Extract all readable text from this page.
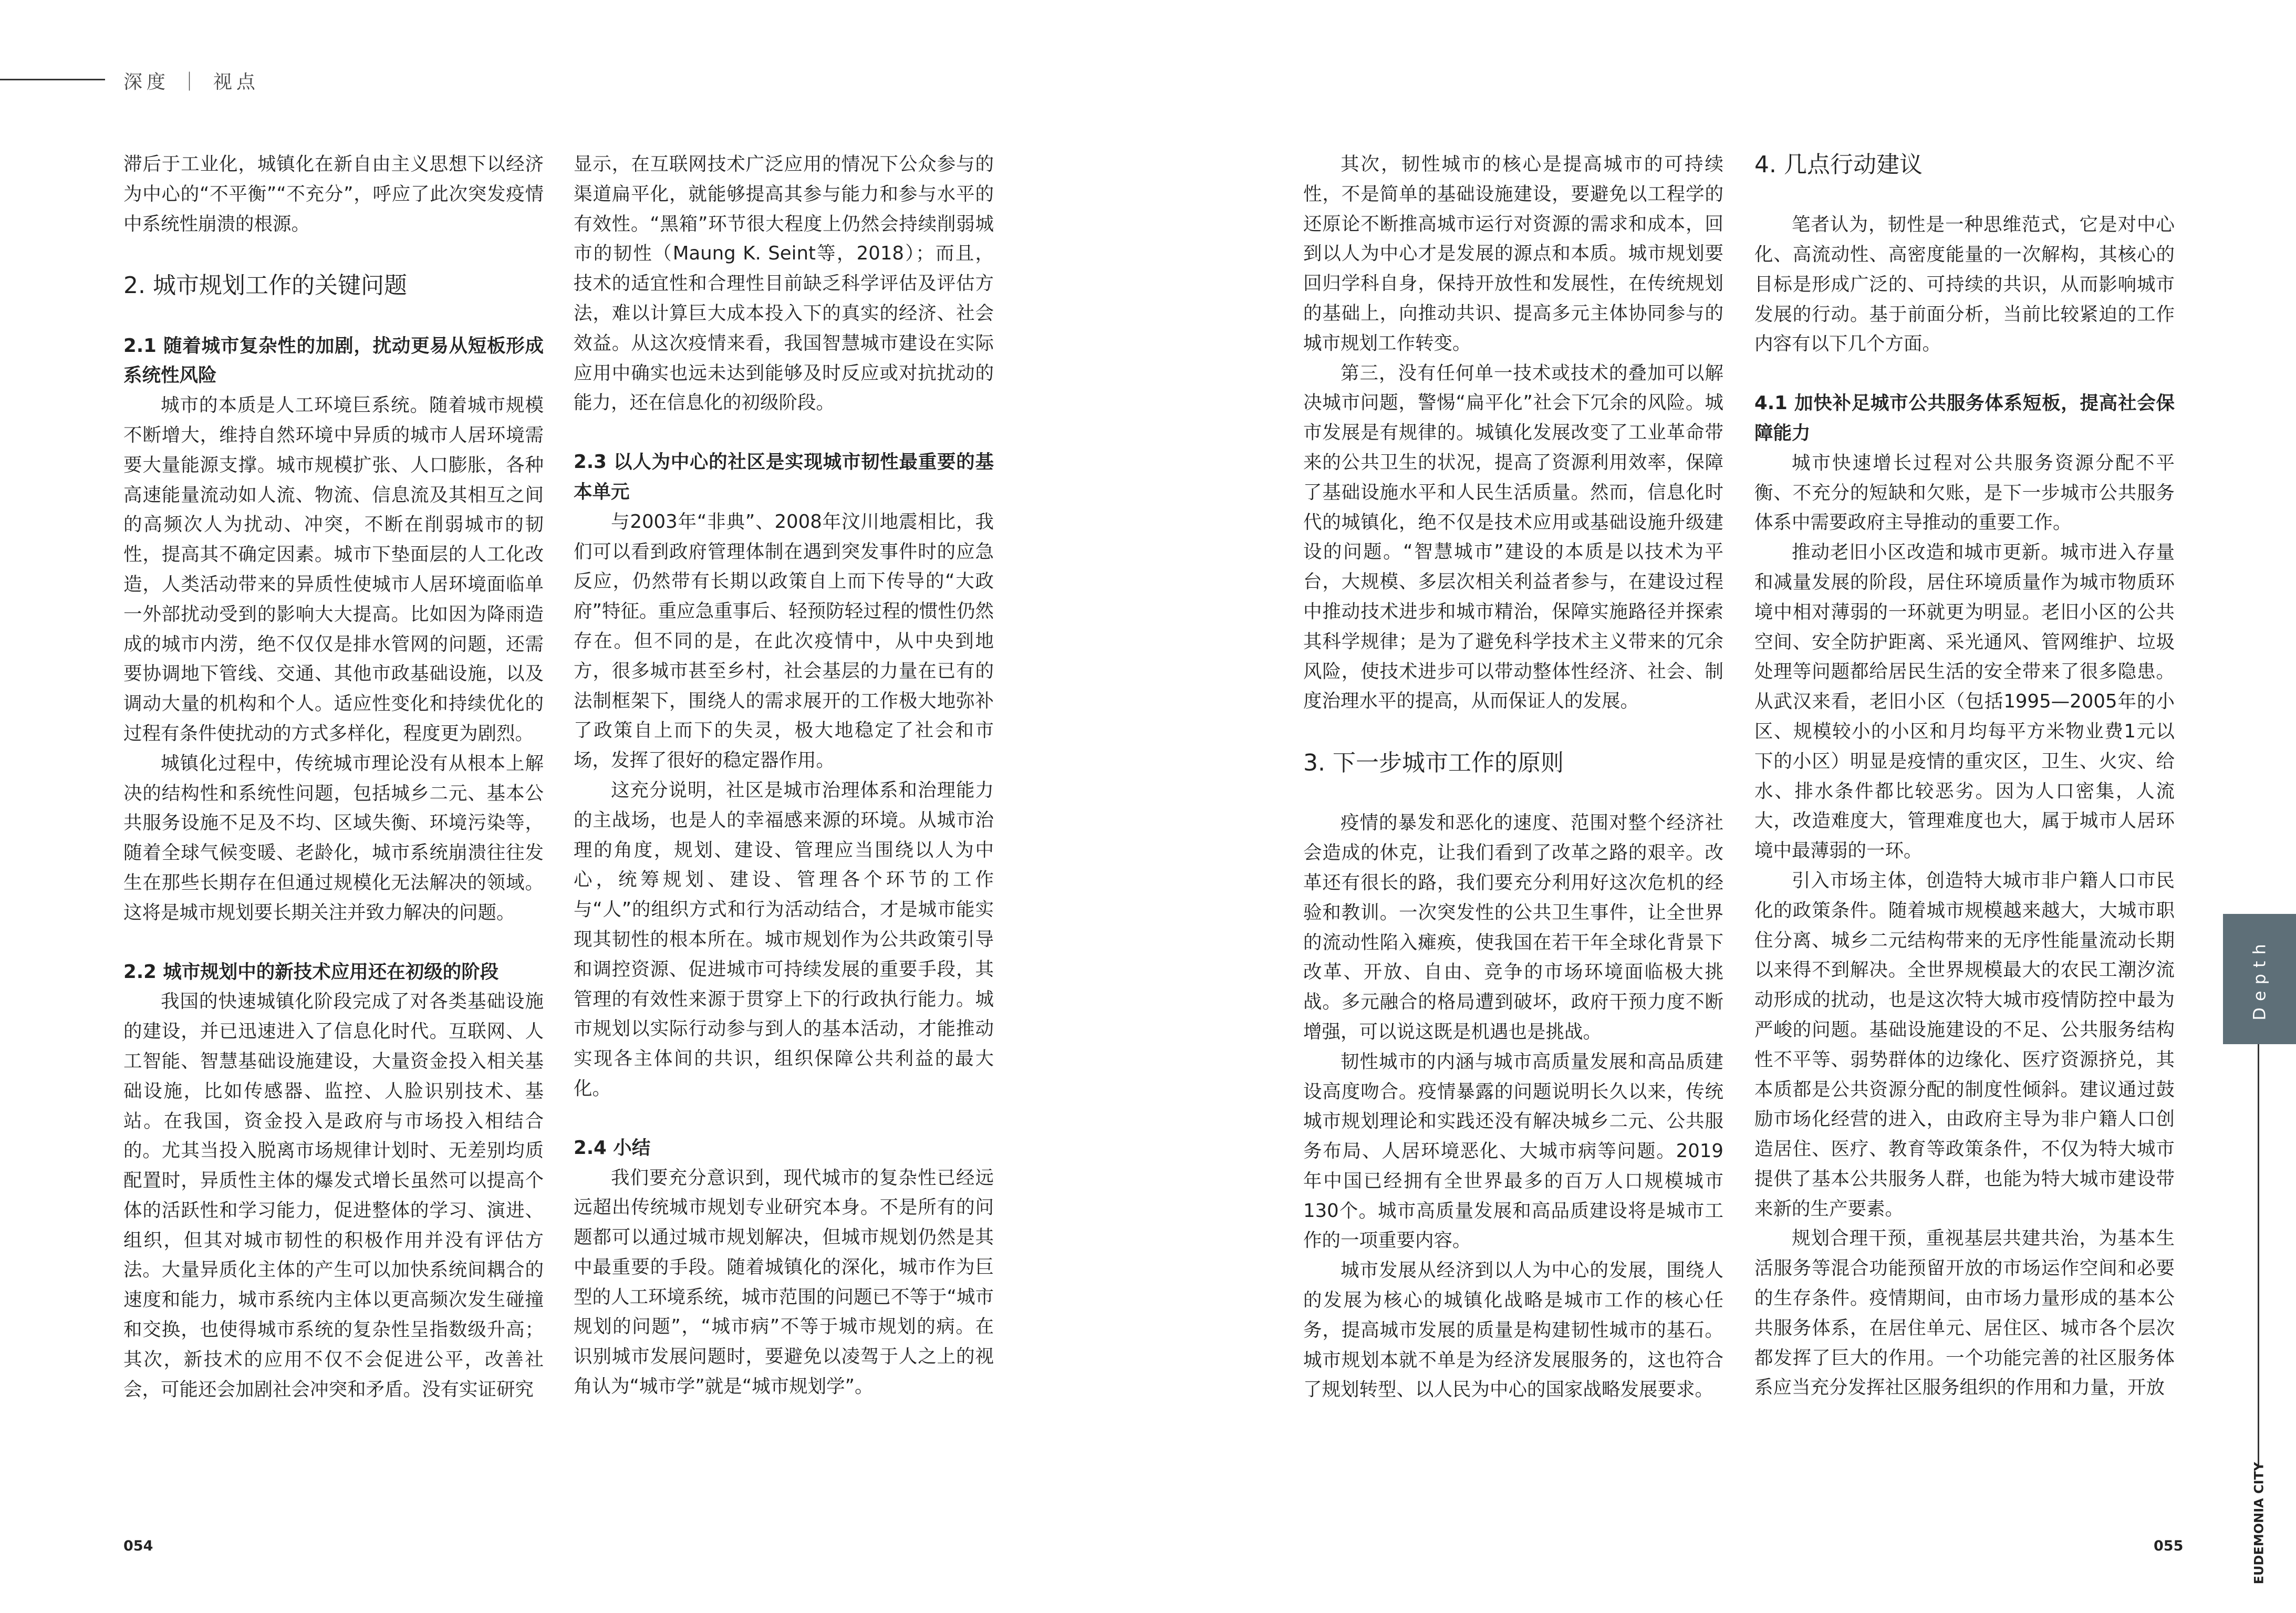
深度 ｜ 视点

滞后于工业化，城镇化在新自由主义思想下以经济为中心的“不平衡”“不充分”，呼应了此次突发疫情中系统性崩溃的根源。

2. 城市规划工作的关键问题
2.1 随着城市复杂性的加剧，扰动更易从短板形成系统性风险

城市的本质是人工环境巨系统。随着城市规模不断增大，维持自然环境中异质的城市人居环境需要大量能源支撑。城市规模扩张、人口膨胀，各种高速能量流动如人流、物流、信息流及其相互之间的高频次人为扰动、冲突，不断在削弱城市的韧性，提高其不确定因素。城市下垫面层的人工化改造，人类活动带来的异质性使城市人居环境面临单一外部扰动受到的影响大大提高。比如因为降雨造成的城市内涝，绝不仅仅是排水管网的问题，还需要协调地下管线、交通、其他市政基础设施，以及调动大量的机构和个人。适应性变化和持续优化的过程有条件使扰动的方式多样化，程度更为剧烈。

城镇化过程中，传统城市理论没有从根本上解决的结构性和系统性问题，包括城乡二元、基本公共服务设施不足及不均、区域失衡、环境污染等，随着全球气候变暖、老龄化，城市系统崩溃往往发生在那些长期存在但通过规模化无法解决的领域。这将是城市规划要长期关注并致力解决的问题。

2.2 城市规划中的新技术应用还在初级的阶段

我国的快速城镇化阶段完成了对各类基础设施的建设，并已迅速进入了信息化时代。互联网、人工智能、智慧基础设施建设，大量资金投入相关基础设施，比如传感器、监控、人脸识别技术、基站。在我国，资金投入是政府与市场投入相结合的。尤其当投入脱离市场规律计划时、无差别均质配置时，异质性主体的爆发式增长虽然可以提高个体的活跃性和学习能力，促进整体的学习、演进、组织，但其对城市韧性的积极作用并没有评估方法。大量异质化主体的产生可以加快系统间耦合的速度和能力，城市系统内主体以更高频次发生碰撞和交换，也使得城市系统的复杂性呈指数级升高；其次，新技术的应用不仅不会促进公平，改善社会，可能还会加剧社会冲突和矛盾。没有实证研究

显示，在互联网技术广泛应用的情况下公众参与的渠道扁平化，就能够提高其参与能力和参与水平的有效性。“黑箱”环节很大程度上仍然会持续削弱城市的韧性（Maung K. Seint等，2018）；而且，技术的适宜性和合理性目前缺乏科学评估及评估方法，难以计算巨大成本投入下的真实的经济、社会效益。从这次疫情来看，我国智慧城市建设在实际应用中确实也远未达到能够及时反应或对抗扰动的能力，还在信息化的初级阶段。

2.3 以人为中心的社区是实现城市韧性最重要的基本单元

与2003年“非典”、2008年汶川地震相比，我们可以看到政府管理体制在遇到突发事件时的应急反应，仍然带有长期以政策自上而下传导的“大政府”特征。重应急重事后、轻预防轻过程的惯性仍然存在。但不同的是，在此次疫情中，从中央到地方，很多城市甚至乡村，社会基层的力量在已有的法制框架下，围绕人的需求展开的工作极大地弥补了政策自上而下的失灵，极大地稳定了社会和市场，发挥了很好的稳定器作用。

这充分说明，社区是城市治理体系和治理能力的主战场，也是人的幸福感来源的环境。从城市治理的角度，规划、建设、管理应当围绕以人为中心，统筹规划、建设、管理各个环节的工作与“人”的组织方式和行为活动结合，才是城市能实现其韧性的根本所在。城市规划作为公共政策引导和调控资源、促进城市可持续发展的重要手段，其管理的有效性来源于贯穿上下的行政执行能力。城市规划以实际行动参与到人的基本活动，才能推动实现各主体间的共识，组织保障公共利益的最大化。

2.4 小结

我们要充分意识到，现代城市的复杂性已经远远超出传统城市规划专业研究本身。不是所有的问题都可以通过城市规划解决，但城市规划仍然是其中最重要的手段。随着城镇化的深化，城市作为巨型的人工环境系统，城市范围的问题已不等于“城市规划的问题”，“城市病”不等于城市规划的病。在识别城市发展问题时，要避免以凌驾于人之上的视角认为“城市学”就是“城市规划学”。

其次，韧性城市的核心是提高城市的可持续性，不是简单的基础设施建设，要避免以工程学的还原论不断推高城市运行对资源的需求和成本，回到以人为中心才是发展的源点和本质。城市规划要回归学科自身，保持开放性和发展性，在传统规划的基础上，向推动共识、提高多元主体协同参与的城市规划工作转变。

第三，没有任何单一技术或技术的叠加可以解决城市问题，警惕“扁平化”社会下冗余的风险。城市发展是有规律的。城镇化发展改变了工业革命带来的公共卫生的状况，提高了资源利用效率，保障了基础设施水平和人民生活质量。然而，信息化时代的城镇化，绝不仅是技术应用或基础设施升级建设的问题。“智慧城市”建设的本质是以技术为平台，大规模、多层次相关利益者参与，在建设过程中推动技术进步和城市精治，保障实施路径并探索其科学规律；是为了避免科学技术主义带来的冗余风险，使技术进步可以带动整体性经济、社会、制度治理水平的提高，从而保证人的发展。

3. 下一步城市工作的原则

疫情的暴发和恶化的速度、范围对整个经济社会造成的休克，让我们看到了改革之路的艰辛。改革还有很长的路，我们要充分利用好这次危机的经验和教训。一次突发性的公共卫生事件，让全世界的流动性陷入瘫痪，使我国在若干年全球化背景下改革、开放、自由、竞争的市场环境面临极大挑战。多元融合的格局遭到破坏，政府干预力度不断增强，可以说这既是机遇也是挑战。

韧性城市的内涵与城市高质量发展和高品质建设高度吻合。疫情暴露的问题说明长久以来，传统城市规划理论和实践还没有解决城乡二元、公共服务布局、人居环境恶化、大城市病等问题。2019年中国已经拥有全世界最多的百万人口规模城市130个。城市高质量发展和高品质建设将是城市工作的一项重要内容。

城市发展从经济到以人为中心的发展，围绕人的发展为核心的城镇化战略是城市工作的核心任务，提高城市发展的质量是构建韧性城市的基石。城市规划本就不单是为经济发展服务的，这也符合了规划转型、以人民为中心的国家战略发展要求。

4. 几点行动建议

笔者认为，韧性是一种思维范式，它是对中心化、高流动性、高密度能量的一次解构，其核心的目标是形成广泛的、可持续的共识，从而影响城市发展的行动。基于前面分析，当前比较紧迫的工作内容有以下几个方面。

4.1 加快补足城市公共服务体系短板，提高社会保障能力

城市快速增长过程对公共服务资源分配不平衡、不充分的短缺和欠账，是下一步城市公共服务体系中需要政府主导推动的重要工作。

推动老旧小区改造和城市更新。城市进入存量和减量发展的阶段，居住环境质量作为城市物质环境中相对薄弱的一环就更为明显。老旧小区的公共空间、安全防护距离、采光通风、管网维护、垃圾处理等问题都给居民生活的安全带来了很多隐患。从武汉来看，老旧小区（包括1995—2005年的小区、规模较小的小区和月均每平方米物业费1元以下的小区）明显是疫情的重灾区，卫生、火灾、给水、排水条件都比较恶劣。因为人口密集，人流大，改造难度大，管理难度也大，属于城市人居环境中最薄弱的一环。

引入市场主体，创造特大城市非户籍人口市民化的政策条件。随着城市规模越来越大，大城市职住分离、城乡二元结构带来的无序性能量流动长期以来得不到解决。全世界规模最大的农民工潮汐流动形成的扰动，也是这次特大城市疫情防控中最为严峻的问题。基础设施建设的不足、公共服务结构性不平等、弱势群体的边缘化、医疗资源挤兑，其本质都是公共资源分配的制度性倾斜。建议通过鼓励市场化经营的进入，由政府主导为非户籍人口创造居住、医疗、教育等政策条件，不仅为特大城市提供了基本公共服务人群，也能为特大城市建设带来新的生产要素。

规划合理干预，重视基层共建共治，为基本生活服务等混合功能预留开放的市场运作空间和必要的生存条件。疫情期间，由市场力量形成的基本公共服务体系，在居住单元、居住区、城市各个层次都发挥了巨大的作用。一个功能完善的社区服务体系应当充分发挥社区服务组织的作用和力量，开放

Depth
EUDEMONIA CITY
054	055
